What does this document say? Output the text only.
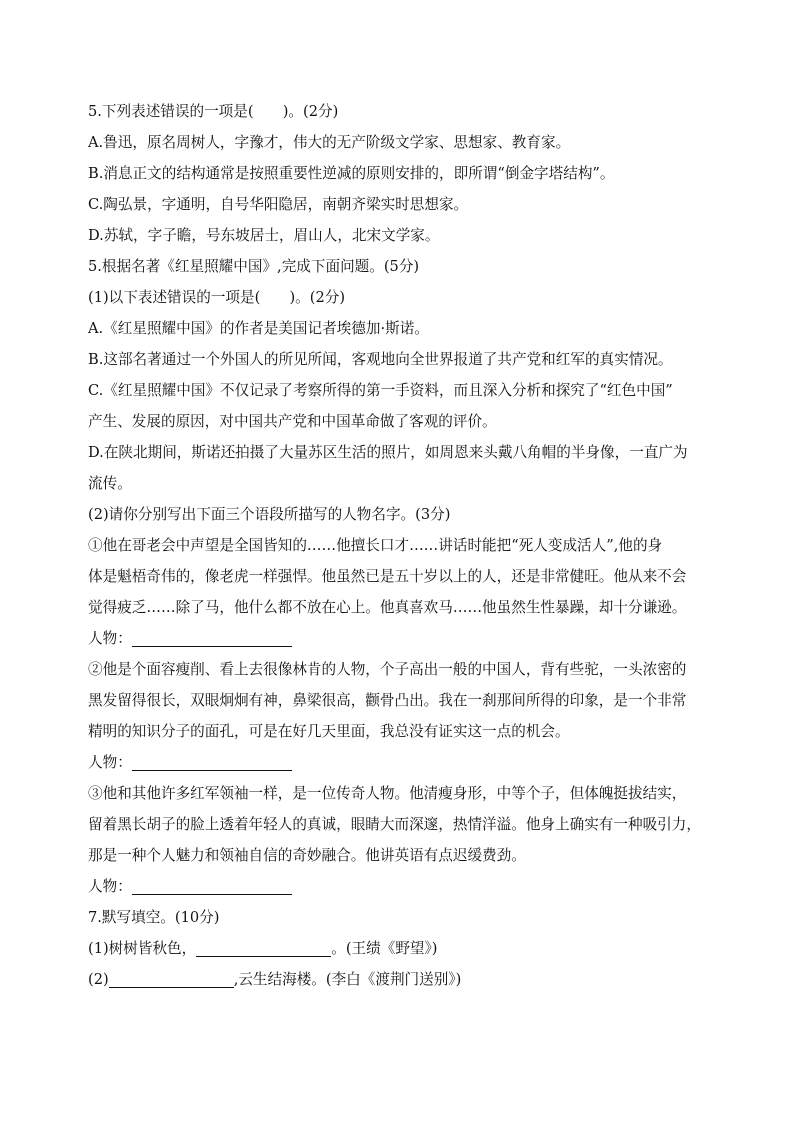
5.下列表述错误的一项是(　　)。(2分)
A.鲁迅，原名周树人，字豫才，伟大的无产阶级文学家、思想家、教育家。
B.消息正文的结构通常是按照重要性逆减的原则安排的，即所谓“倒金字塔结构”。
C.陶弘景，字通明，自号华阳隐居，南朝齐梁实时思想家。
D.苏轼，字子瞻，号东坡居士，眉山人，北宋文学家。
5.根据名著《红星照耀中国》,完成下面问题。(5分)
(1)以下表述错误的一项是(　　)。(2分)
A.《红星照耀中国》的作者是美国记者埃德加·斯诺。
B.这部名著通过一个外国人的所见所闻，客观地向全世界报道了共产党和红军的真实情况。
C.《红星照耀中国》不仅记录了考察所得的第一手资料，而且深入分析和探究了“红色中国”
产生、发展的原因，对中国共产党和中国革命做了客观的评价。
D.在陕北期间，斯诺还拍摄了大量苏区生活的照片，如周恩来头戴八角帽的半身像，一直广为
流传。
(2)请你分别写出下面三个语段所描写的人物名字。(3分)
①他在哥老会中声望是全国皆知的……他擅长口才……讲话时能把“死人变成活人”,他的身
体是魁梧奇伟的，像老虎一样强悍。他虽然已是五十岁以上的人，还是非常健旺。他从来不会
觉得疲乏……除了马，他什么都不放在心上。他真喜欢马……他虽然生性暴躁，却十分谦逊。
人物：
②他是个面容瘦削、看上去很像林肯的人物，个子高出一般的中国人，背有些驼，一头浓密的
黑发留得很长，双眼炯炯有神，鼻梁很高，颧骨凸出。我在一刹那间所得的印象，是一个非常
精明的知识分子的面孔，可是在好几天里面，我总没有证实这一点的机会。
人物：
③他和其他许多红军领袖一样，是一位传奇人物。他清瘦身形，中等个子，但体魄挺拔结实，
留着黑长胡子的脸上透着年轻人的真诚，眼睛大而深邃，热情洋溢。他身上确实有一种吸引力，
那是一种个人魅力和领袖自信的奇妙融合。他讲英语有点迟缓费劲。
人物：
7.默写填空。(10分)
(1)树树皆秋色，	。(王绩《野望》)
(2)	,云生结海楼。(李白《渡荆门送别》)
